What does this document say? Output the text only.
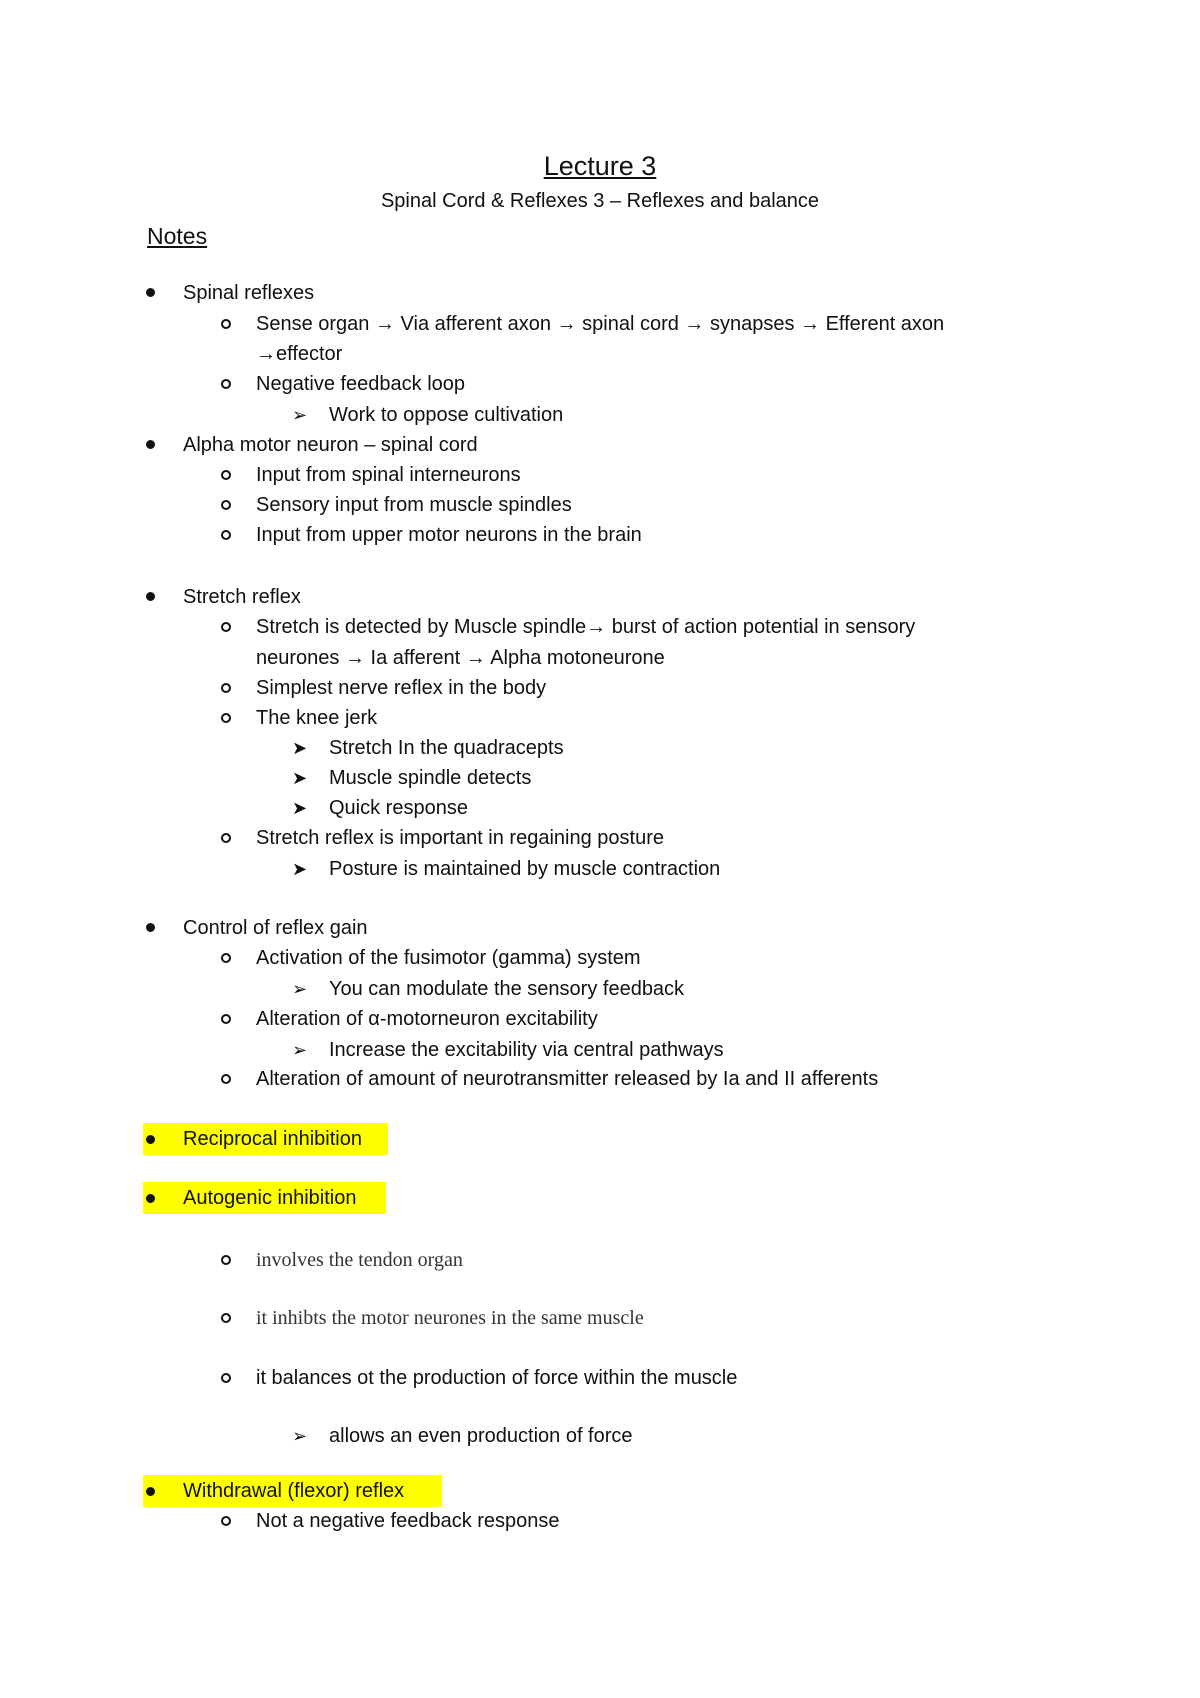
Lecture 3
Spinal Cord & Reflexes 3 – Reflexes and balance
Notes
Spinal reflexes
Sense organ → Via afferent axon → spinal cord → synapses → Efferent axon
→effector
Negative feedback loop
➢ Work to oppose cultivation
Alpha motor neuron – spinal cord
Input from spinal interneurons
Sensory input from muscle spindles
Input from upper motor neurons in the brain
Stretch reflex
Stretch is detected by Muscle spindle→ burst of action potential in sensory
neurones → Ia afferent → Alpha motoneurone
Simplest nerve reflex in the body
The knee jerk
➤ Stretch In the quadracepts
➤ Muscle spindle detects
➤ Quick response
Stretch reflex is important in regaining posture
➤ Posture is maintained by muscle contraction
Control of reflex gain
Activation of the fusimotor (gamma) system
➢ You can modulate the sensory feedback
Alteration of α-motorneuron excitability
➢ Increase the excitability via central pathways
Alteration of amount of neurotransmitter released by Ia and II afferents
Reciprocal inhibition
Autogenic inhibition
involves the tendon organ
it inhibts the motor neurones in the same muscle
it balances ot the production of force within the muscle
➢ allows an even production of force
Withdrawal (flexor) reflex
Not a negative feedback response
